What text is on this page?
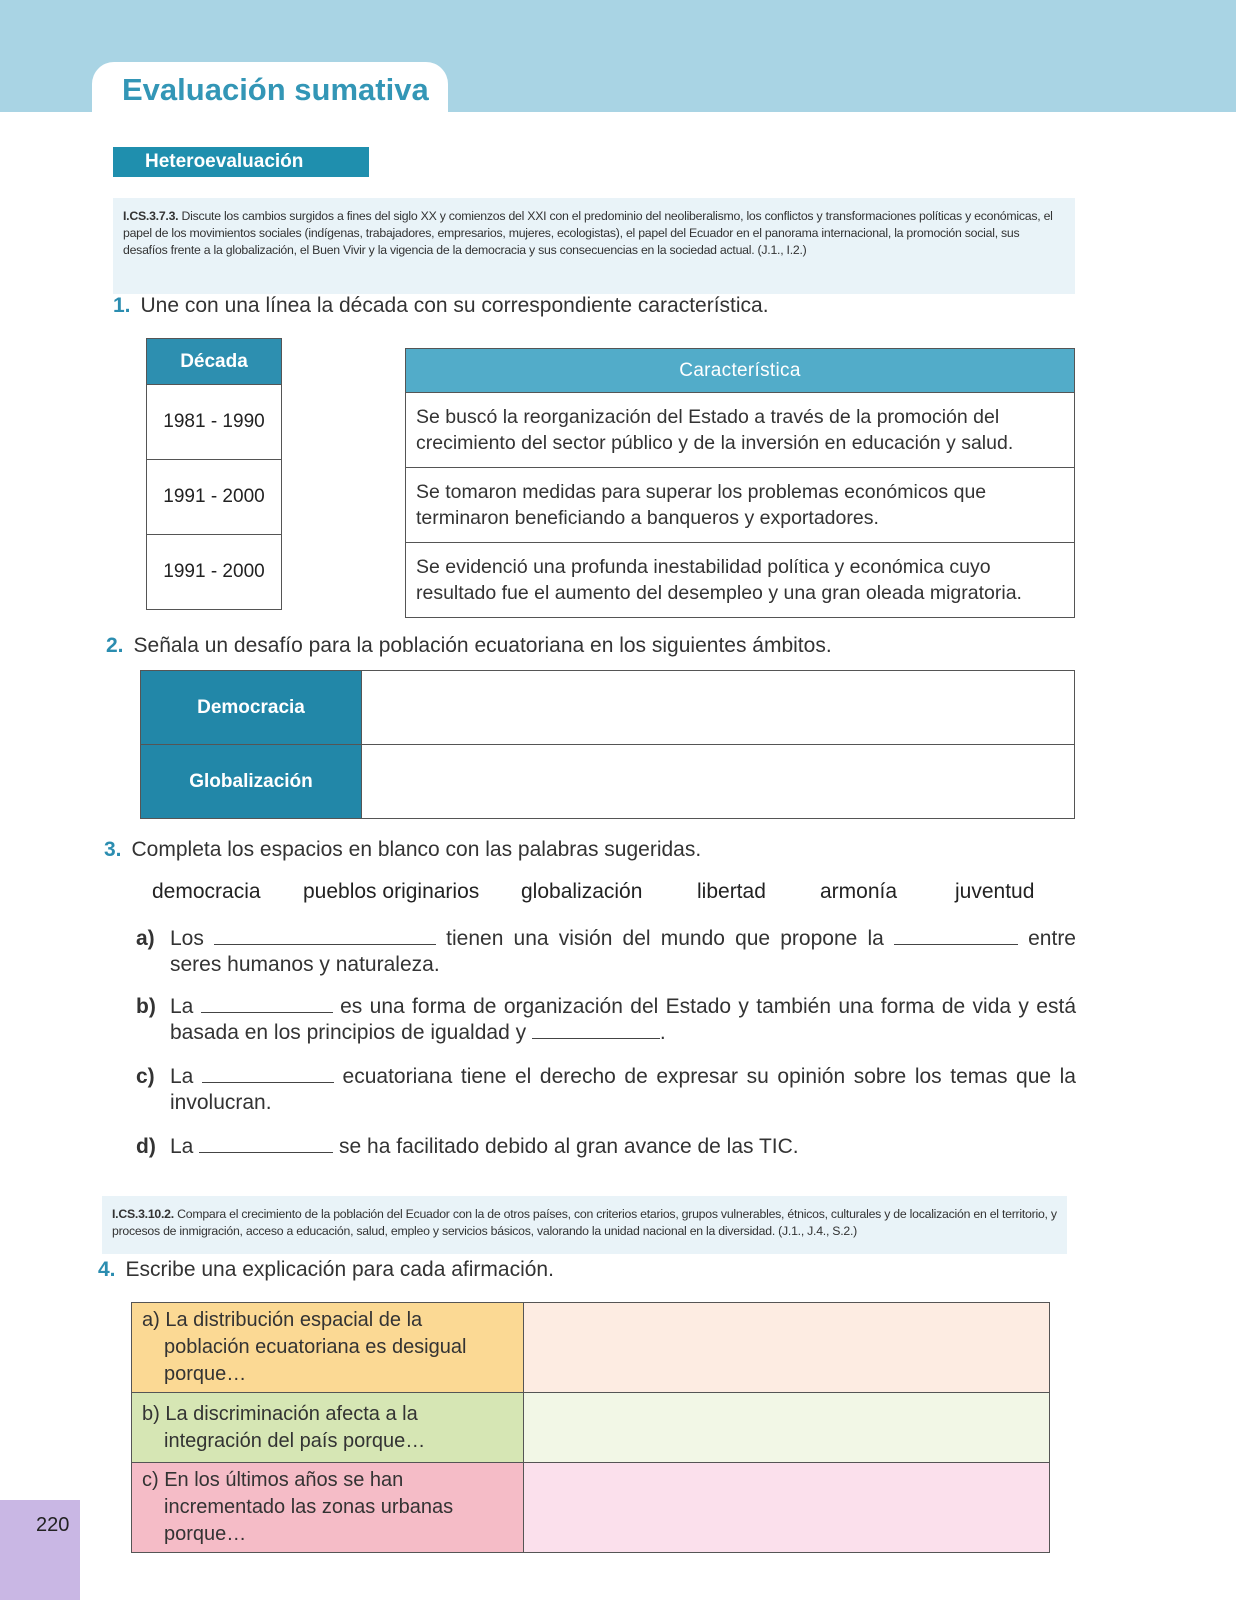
Evaluación sumativa
Heteroevaluación
I.CS.3.7.3. Discute los cambios surgidos a fines del siglo XX y comienzos del XXI con el predominio del neoliberalismo, los conflictos y transformaciones políticas y económicas, el papel de los movimientos sociales (indígenas, trabajadores, empresarios, mujeres, ecologistas), el papel del Ecuador en el panorama internacional, la promoción social, sus desafíos frente a la globalización, el Buen Vivir y la vigencia de la democracia y sus consecuencias en la sociedad actual. (J.1., I.2.)
1. Une con una línea la década con su correspondiente característica.
Década
1981 - 1990
1991 - 2000
1991 - 2000
Característica
Se buscó la reorganización del Estado a través de la promoción del crecimiento del sector público y de la inversión en educación y salud.
Se tomaron medidas para superar los problemas económicos que terminaron beneficiando a banqueros y exportadores.
Se evidenció una profunda inestabilidad política y económica cuyo resultado fue el aumento del desempleo y una gran oleada migratoria.
2. Señala un desafío para la población ecuatoriana en los siguientes ámbitos.
Democracia	
Globalización	
3. Completa los espacios en blanco con las palabras sugeridas.
democracia pueblos originarios globalización	libertad	armonía	juventud
a) Los	tienen una visión del mundo que propone la	entre seres humanos y naturaleza.
b) La	es una forma de organización del Estado y también una forma de vida y está basada en los principios de igualdad y	.
c) La	ecuatoriana tiene el derecho de expresar su opinión sobre los temas que la involucran.
d) La	se ha facilitado debido al gran avance de las TIC.
I.CS.3.10.2. Compara el crecimiento de la población del Ecuador con la de otros países, con criterios etarios, grupos vulnerables, étnicos, culturales y de localización en el territorio, y procesos de inmigración, acceso a educación, salud, empleo y servicios básicos, valorando la unidad nacional en la diversidad. (J.1., J.4., S.2.)
4. Escribe una explicación para cada afirmación.
a) La distribución espacial de la población ecuatoriana es desigual porque…	

b) La discriminación afecta a la integración del país porque…	

c) En los últimos años se han incrementado las zonas urbanas porque…	

220
